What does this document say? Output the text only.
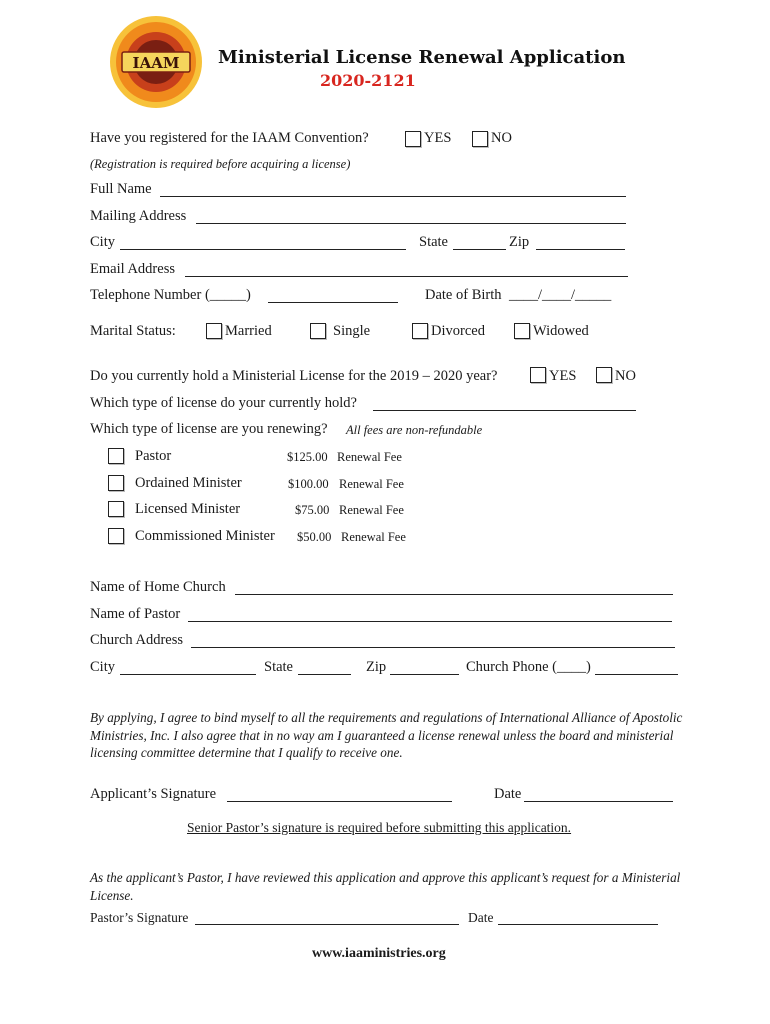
IAAM Ministerial License Renewal Application
2020-2121
Have you registered for the IAAM Convention?	YES	NO
(Registration is required before acquiring a license)
Full Name
Mailing Address
City	State	Zip
Email Address
Telephone Number (_____)	Date of Birth ____/____/_____
Marital Status:	Married	Single	Divorced	Widowed
Do you currently hold a Ministerial License for the 2019 – 2020 year?	YES	NO
Which type of license do your currently hold?
Which type of license are you renewing? All fees are non-refundable
Pastor	$125.00 Renewal Fee
Ordained Minister	$100.00 Renewal Fee
Licensed Minister	$75.00 Renewal Fee
Commissioned Minister $50.00 Renewal Fee
Name of Home Church
Name of Pastor
Church Address
City	State	Zip	Church Phone (____)
By applying, I agree to bind myself to all the requirements and regulations of International Alliance of Apostolic Ministries, Inc. I also agree that in no way am I guaranteed a license renewal unless the board and ministerial licensing committee determine that I qualify to receive one.
Applicant’s Signature	Date
Senior Pastor’s signature is required before submitting this application.
As the applicant’s Pastor, I have reviewed this application and approve this applicant’s request for a Ministerial License.
Pastor’s Signature	Date
www.iaaministries.org
